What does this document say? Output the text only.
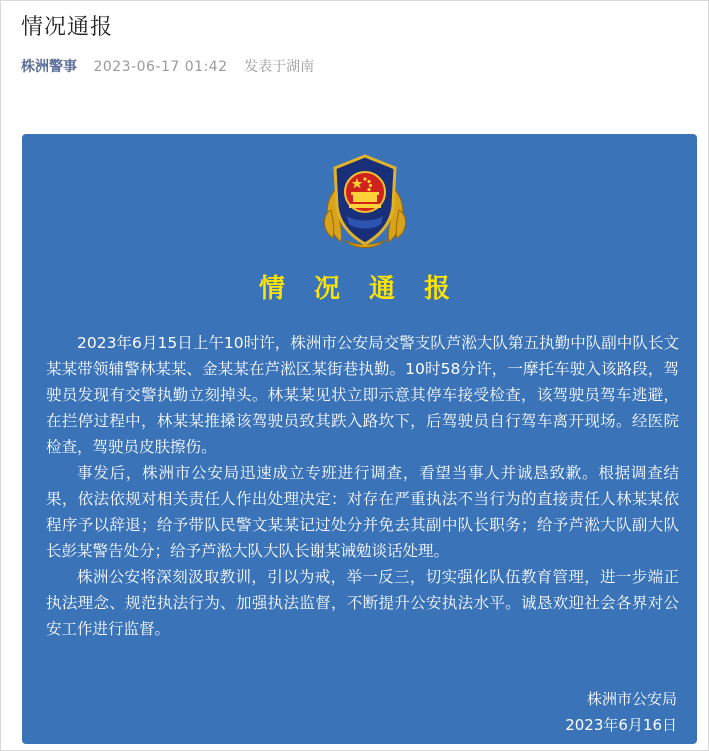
情况通报
株洲警事 2023-06-17 01:42 发表于湖南
情 况 通 报

2023年6月15日上午10时许，株洲市公安局交警支队芦淞大队第五执勤中队副中队长文某某带领辅警林某某、金某某在芦淞区某街巷执勤。10时58分许，一摩托车驶入该路段，驾驶员发现有交警执勤立刻掉头。林某某见状立即示意其停车接受检查，该驾驶员驾车逃避，在拦停过程中，林某某推搡该驾驶员致其跌入路坎下，后驾驶员自行驾车离开现场。经医院检查，驾驶员皮肤擦伤。

事发后，株洲市公安局迅速成立专班进行调查，看望当事人并诚恳致歉。根据调查结果，依法依规对相关责任人作出处理决定：对存在严重执法不当行为的直接责任人林某某依程序予以辞退；给予带队民警文某某记过处分并免去其副中队长职务；给予芦淞大队副大队长彭某警告处分；给予芦淞大队大队长谢某诫勉谈话处理。

株洲公安将深刻汲取教训，引以为戒，举一反三，切实强化队伍教育管理，进一步端正执法理念、规范执法行为、加强执法监督，不断提升公安执法水平。诚恳欢迎社会各界对公安工作进行监督。

株洲市公安局
2023年6月16日
